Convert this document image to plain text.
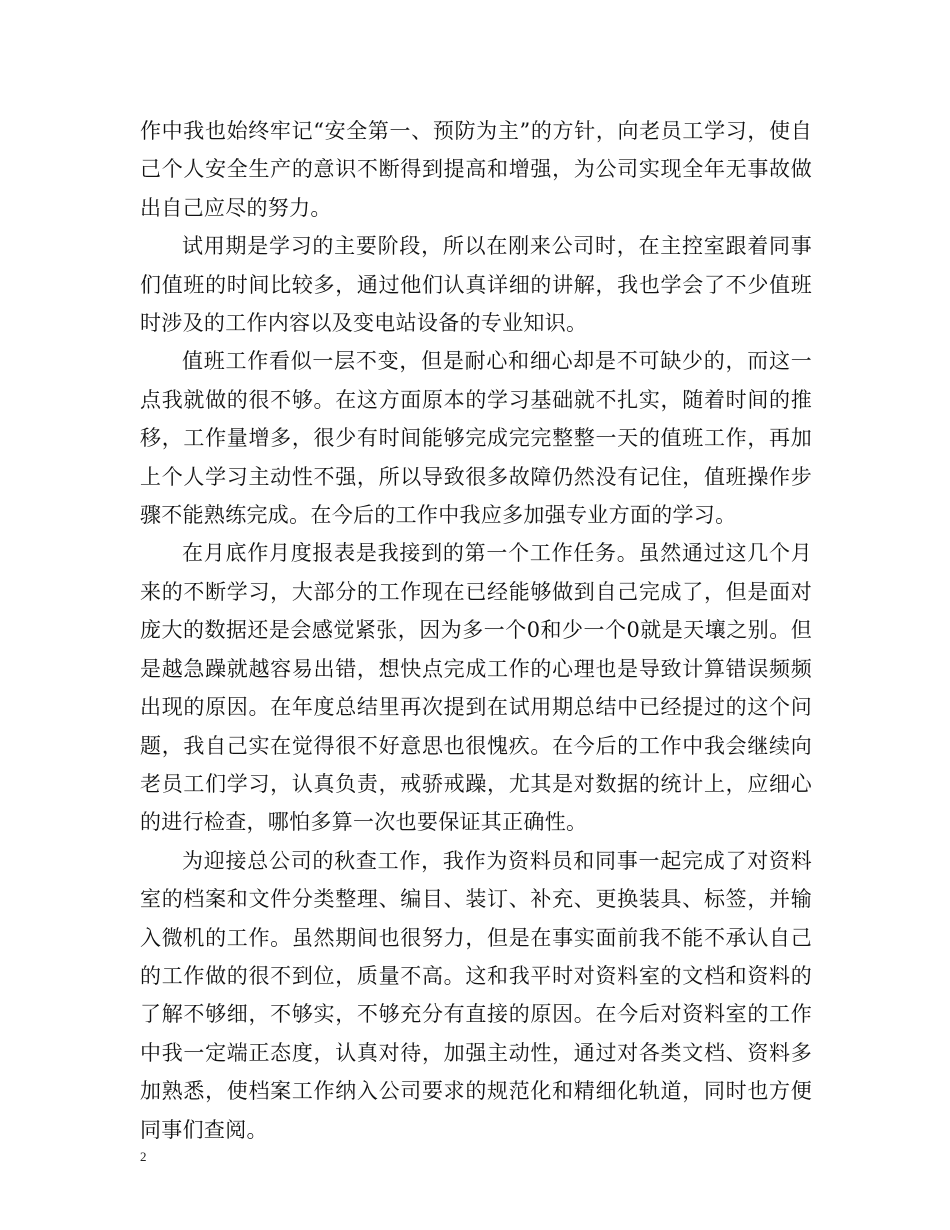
作中我也始终牢记“安全第一、预防为主”的方针，向老员工学习，使自己个人安全生产的意识不断得到提高和增强，为公司实现全年无事故做出自己应尽的努力。

试用期是学习的主要阶段，所以在刚来公司时，在主控室跟着同事们值班的时间比较多，通过他们认真详细的讲解，我也学会了不少值班时涉及的工作内容以及变电站设备的专业知识。

值班工作看似一层不变，但是耐心和细心却是不可缺少的，而这一点我就做的很不够。在这方面原本的学习基础就不扎实，随着时间的推移，工作量增多，很少有时间能够完成完完整整一天的值班工作，再加上个人学习主动性不强，所以导致很多故障仍然没有记住，值班操作步骤不能熟练完成。在今后的工作中我应多加强专业方面的学习。

在月底作月度报表是我接到的第一个工作任务。虽然通过这几个月来的不断学习，大部分的工作现在已经能够做到自己完成了，但是面对庞大的数据还是会感觉紧张，因为多一个0和少一个0就是天壤之别。但是越急躁就越容易出错，想快点完成工作的心理也是导致计算错误频频出现的原因。在年度总结里再次提到在试用期总结中已经提过的这个问题，我自己实在觉得很不好意思也很愧疚。在今后的工作中我会继续向老员工们学习，认真负责，戒骄戒躁，尤其是对数据的统计上，应细心的进行检查，哪怕多算一次也要保证其正确性。

为迎接总公司的秋查工作，我作为资料员和同事一起完成了对资料室的档案和文件分类整理、编目、装订、补充、更换装具、标签，并输入微机的工作。虽然期间也很努力，但是在事实面前我不能不承认自己的工作做的很不到位，质量不高。这和我平时对资料室的文档和资料的了解不够细，不够实，不够充分有直接的原因。在今后对资料室的工作中我一定端正态度，认真对待，加强主动性，通过对各类文档、资料多加熟悉，使档案工作纳入公司要求的规范化和精细化轨道，同时也方便同事们查阅。

2
